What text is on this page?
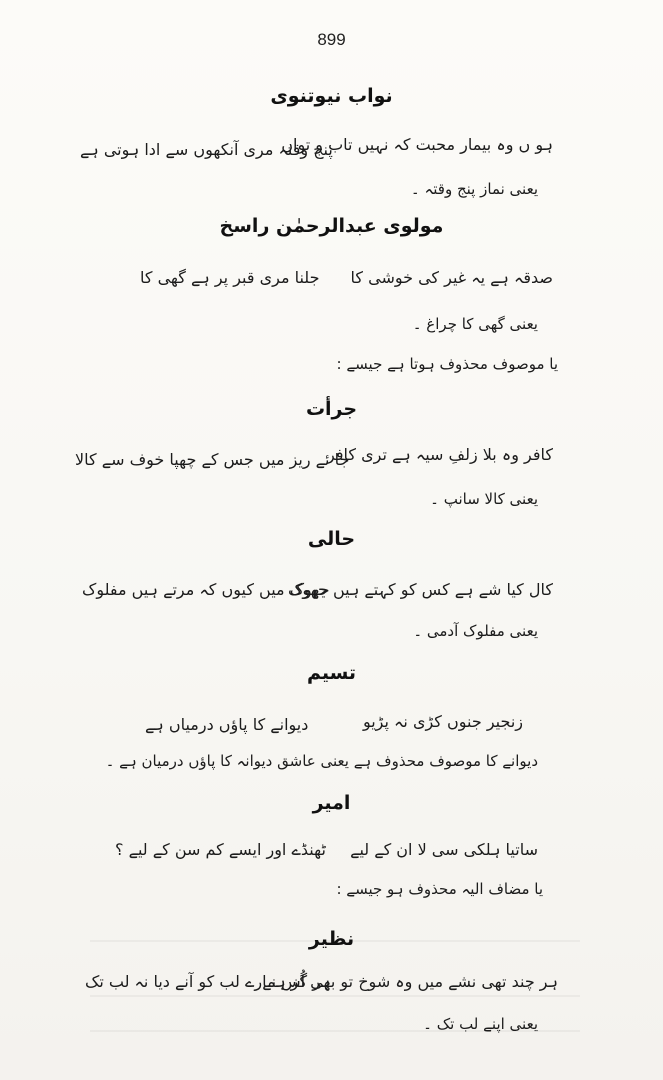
899
نواب نیوتنوی
ہو ں وہ بیمار محبت کہ نہیں تاب و تواں
پنج وقتہ مری آنکھوں سے ادا ہوتی ہے
یعنی نماز پنج وقتہ ۔
مولوی عبدالرحمٰن راسخ
صدقہ ہے یہ غیر کی خوشی کا
جلنا مری قبر پر ہے گھی کا
یعنی گھی کا چراغ ۔
یا موصوف محذوف ہوتا ہے جیسے :
جرأت
کافر وہ بلا زلفِ سیہ ہے تری کافر
جا ئے ریز میں جس کے چھپا خوف سے کالا
یعنی کالا سانپ ۔
حالی
کال کیا شے ہے کس کو کہتے ہیں جھوک
جھوک میں کیوں کہ مرتے ہیں مفلوک
یعنی مفلوک آدمی ۔
تسیم
زنجیر جنوں کڑی نہ پڑیو
دیوانے کا پاؤں درمیاں ہے
دیوانے کا موصوف محذوف ہے یعنی عاشق دیوانہ کا پاؤں درمیان ہے ۔
امیر
ساتیا ہلکی سی لا ان کے لیے
ٹھنڈے اور ایسے کم سن کے لیے ؟
یا مضاف الیہ محذوف ہو جیسے :
نظیر
ہر چند تھی نشے میں وہ شوخ تو بھی اُس نے
ہر گز ہمارے لب کو آنے دیا نہ لب تک
یعنی اپنے لب تک ۔
